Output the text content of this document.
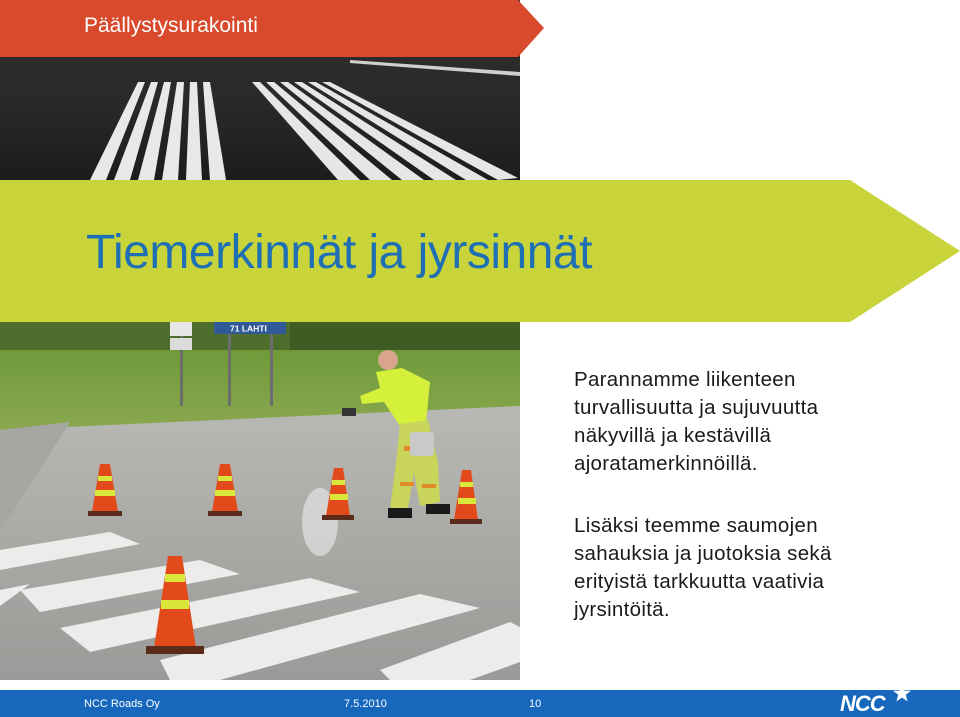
Päällystysurakointi
Tiemerkinnät ja jyrsinnät
71 LAHTI
Parannamme liikenteen
turvallisuutta ja sujuvuutta
näkyvillä ja kestävillä
ajoratamerkinnöillä.
Lisäksi teemme saumojen
sahauksia ja juotoksia sekä
erityistä tarkkuutta vaativia
jyrsintöitä.
NCC Roads Oy	7.5.2010	10	NCC
